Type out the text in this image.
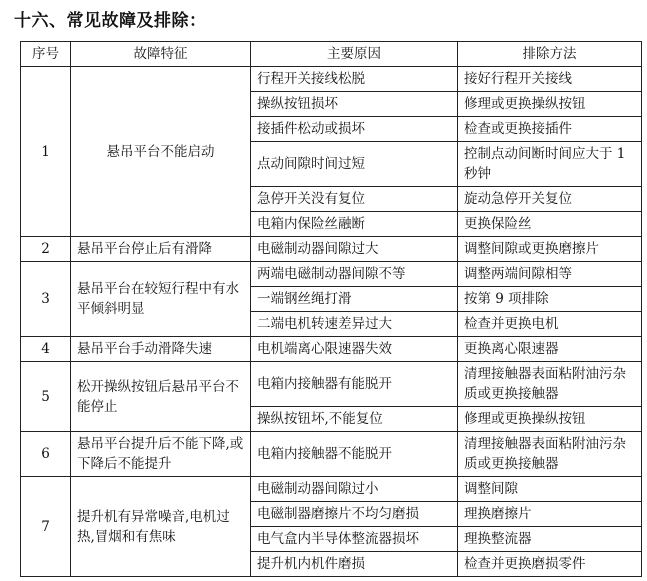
十六、常见故障及排除：
序号	故障特征	主要原因	排除方法
1	悬吊平台不能启动	行程开关接线松脱	接好行程开关接线
		操纵按钮损坏	修理或更换操纵按钮
		接插件松动或损坏	检查或更换接插件
		点动间隙时间过短	控制点动间断时间应大于 1 秒钟
		急停开关没有复位	旋动急停开关复位
		电箱内保险丝融断	更换保险丝
2	悬吊平台停止后有滑降	电磁制动器间隙过大	调整间隙或更换磨擦片
3	悬吊平台在较短行程中有水平倾斜明显	两端电磁制动器间隙不等	调整两端间隙相等
		一端钢丝绳打滑	按第 9 项排除
		二端电机转速差异过大	检查并更换电机
4	悬吊平台手动滑降失速	电机端离心限速器失效	更换离心限速器
5	松开操纵按钮后悬吊平台不能停止	电箱内接触器有能脱开	清理接触器表面粘附油污杂质或更换接触器
		操纵按钮坏,不能复位	修理或更换操纵按钮
6	悬吊平台提升后不能下降,或下降后不能提升	电箱内接触器不能脱开	清理接触器表面粘附油污杂质或更换接触器
7	提升机有异常噪音,电机过热,冒烟和有焦味	电磁制动器间隙过小	调整间隙
		电磁制器磨擦片不均匀磨损	理换磨擦片
		电气盒内半导体整流器损坏	理换整流器
		提升机内机件磨损	检查并更换磨损零件
